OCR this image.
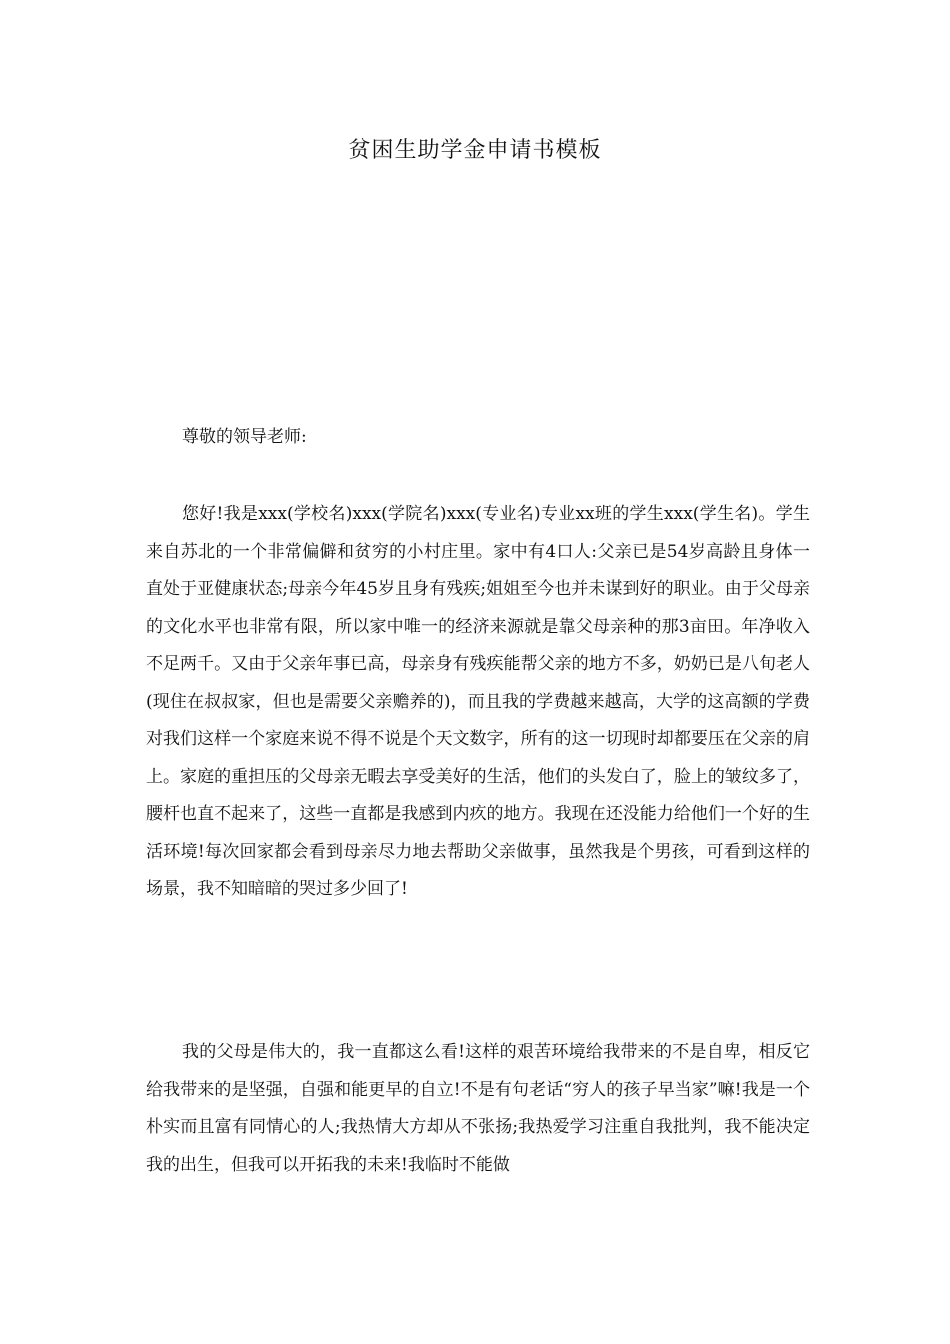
贫困生助学金申请书模板

尊敬的领导老师:

您好!我是xxx(学校名)xxx(学院名)xxx(专业名)专业xx班的学生xxx(学生名)。学生来自苏北的一个非常偏僻和贫穷的小村庄里。家中有4口人:父亲已是54岁高龄且身体一直处于亚健康状态;母亲今年45岁且身有残疾;姐姐至今也并未谋到好的职业。由于父母亲的文化水平也非常有限，所以家中唯一的经济来源就是靠父母亲种的那3亩田。年净收入不足两千。又由于父亲年事已高，母亲身有残疾能帮父亲的地方不多，奶奶已是八旬老人(现住在叔叔家，但也是需要父亲赡养的)，而且我的学费越来越高，大学的这高额的学费对我们这样一个家庭来说不得不说是个天文数字，所有的这一切现时却都要压在父亲的肩上。家庭的重担压的父母亲无暇去享受美好的生活，他们的头发白了，脸上的皱纹多了，腰杆也直不起来了，这些一直都是我感到内疚的地方。我现在还没能力给他们一个好的生活环境!每次回家都会看到母亲尽力地去帮助父亲做事，虽然我是个男孩，可看到这样的场景，我不知暗暗的哭过多少回了!

我的父母是伟大的，我一直都这么看!这样的艰苦环境给我带来的不是自卑，相反它给我带来的是坚强，自强和能更早的自立!不是有句老话“穷人的孩子早当家”嘛!我是一个朴实而且富有同情心的人;我热情大方却从不张扬;我热爱学习注重自我批判，我不能决定我的出生，但我可以开拓我的未来!我临时不能做
